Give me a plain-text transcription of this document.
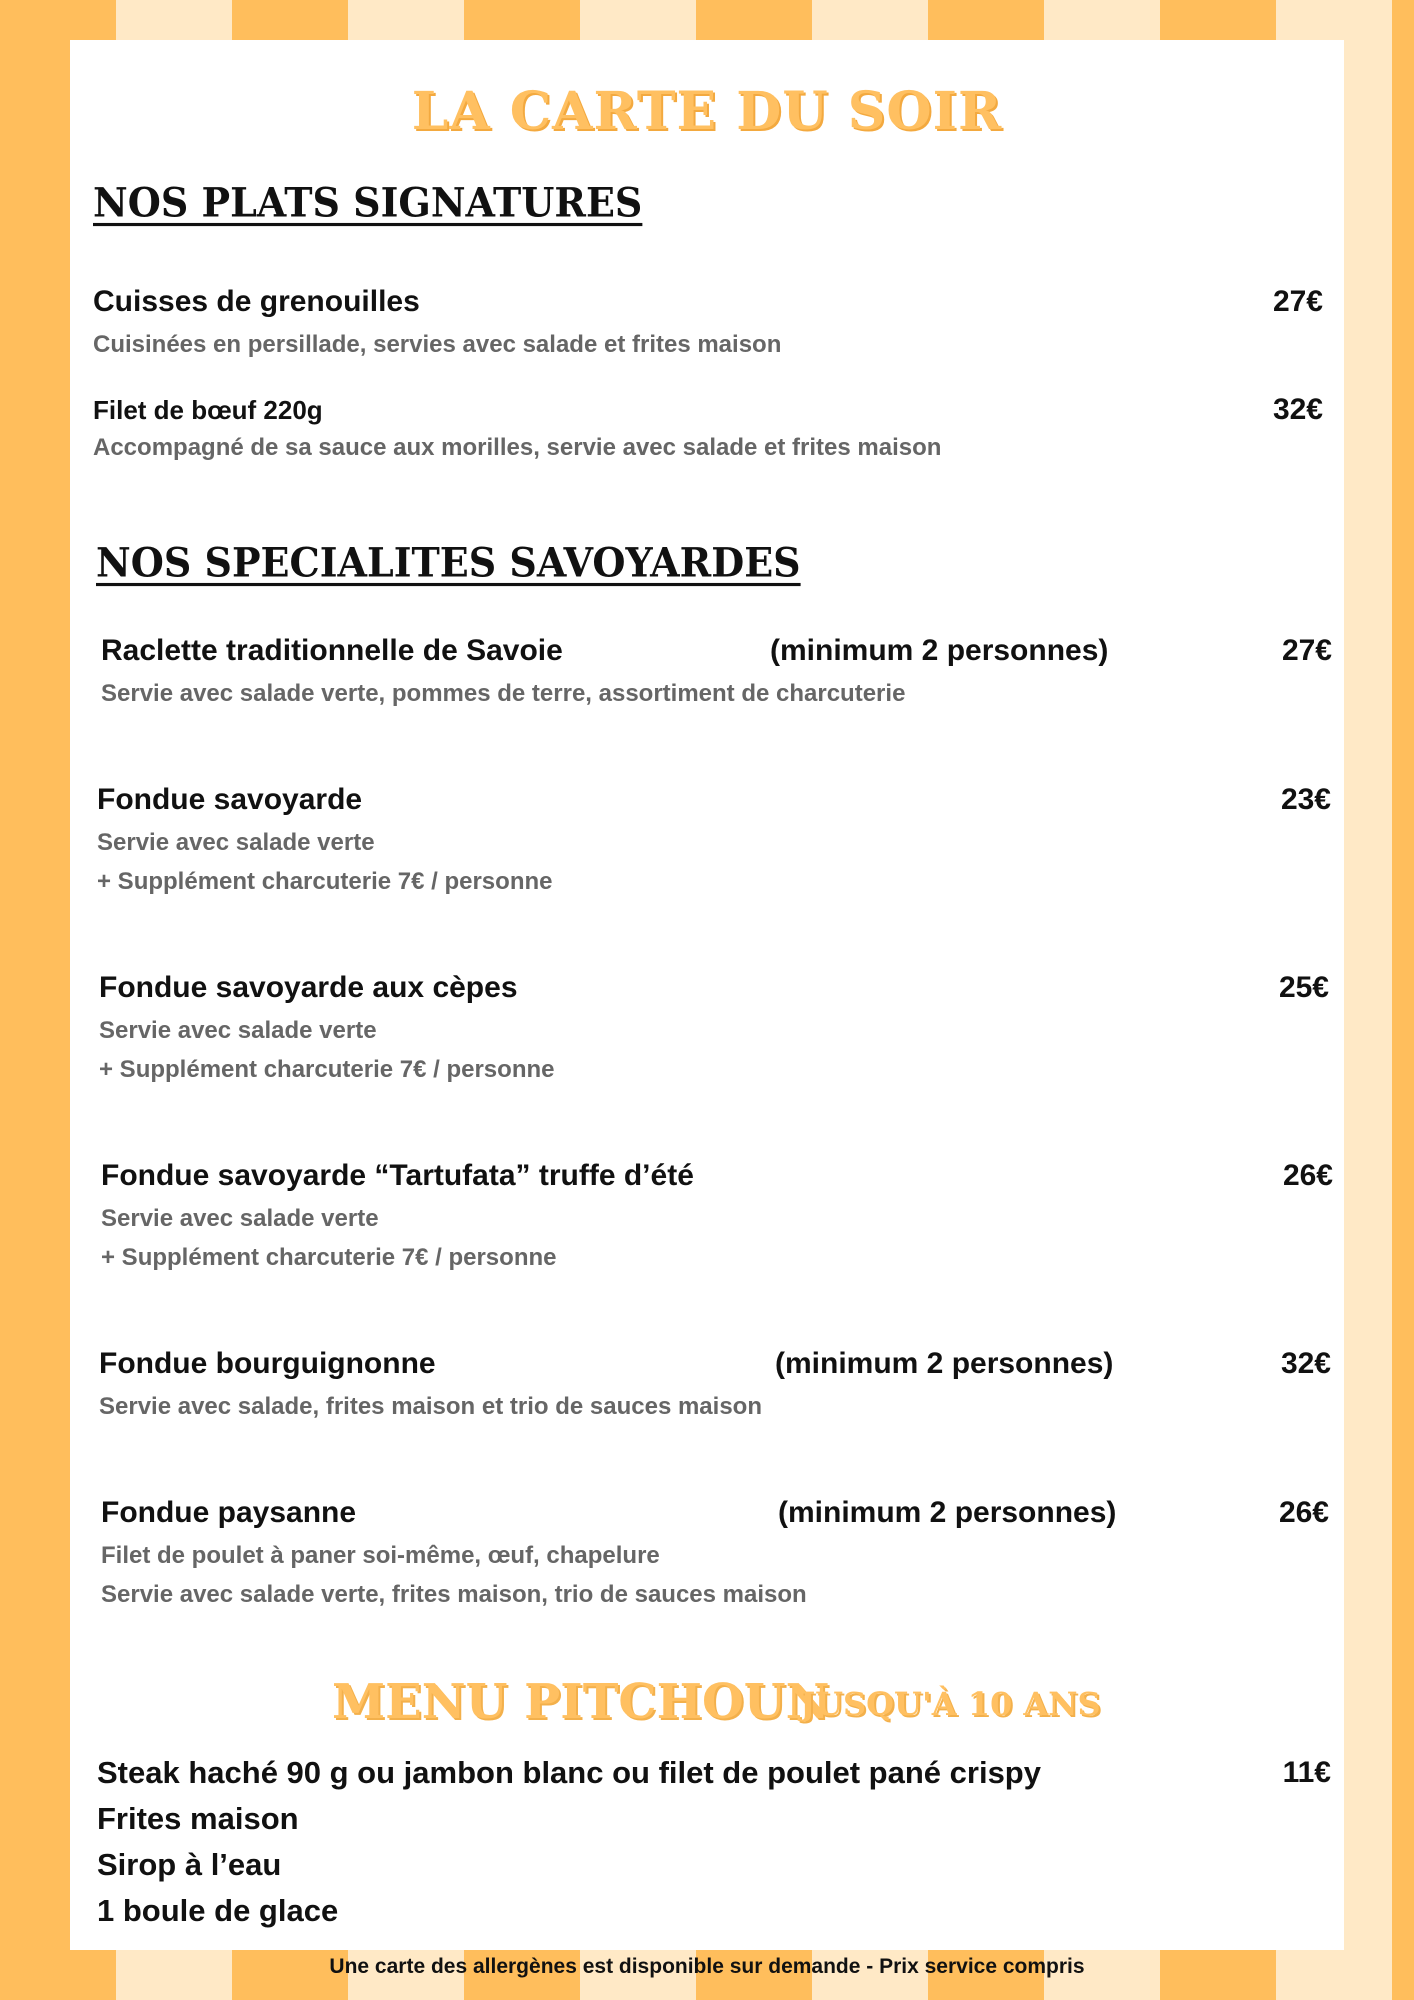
LA CARTE DU SOIR
NOS PLATS SIGNATURES
Cuisses de grenouilles	27€
Cuisinées en persillade, servies avec salade et frites maison
Filet de bœuf 220g	32€
Accompagné de sa sauce aux morilles, servie avec salade et frites maison
NOS SPECIALITES SAVOYARDES
Raclette traditionnelle de Savoie	(minimum 2 personnes)	27€
Servie avec salade verte, pommes de terre, assortiment de charcuterie
Fondue savoyarde	23€
Servie avec salade verte
+ Supplément charcuterie 7€ / personne
Fondue savoyarde aux cèpes	25€
Servie avec salade verte
+ Supplément charcuterie 7€ / personne
Fondue savoyarde “Tartufata” truffe d’été	26€
Servie avec salade verte
+ Supplément charcuterie 7€ / personne
Fondue bourguignonne	(minimum 2 personnes)	32€
Servie avec salade, frites maison et trio de sauces maison
Fondue paysanne	(minimum 2 personnes)	26€
Filet de poulet à paner soi-même, œuf, chapelure
Servie avec salade verte, frites maison, trio de sauces maison
MENU PITCHOUN
JUSQU'À 10 ANS
Steak haché 90 g ou jambon blanc ou filet de poulet pané crispy	11€
Frites maison
Sirop à l’eau
1 boule de glace
Une carte des allergènes est disponible sur demande - Prix service compris
